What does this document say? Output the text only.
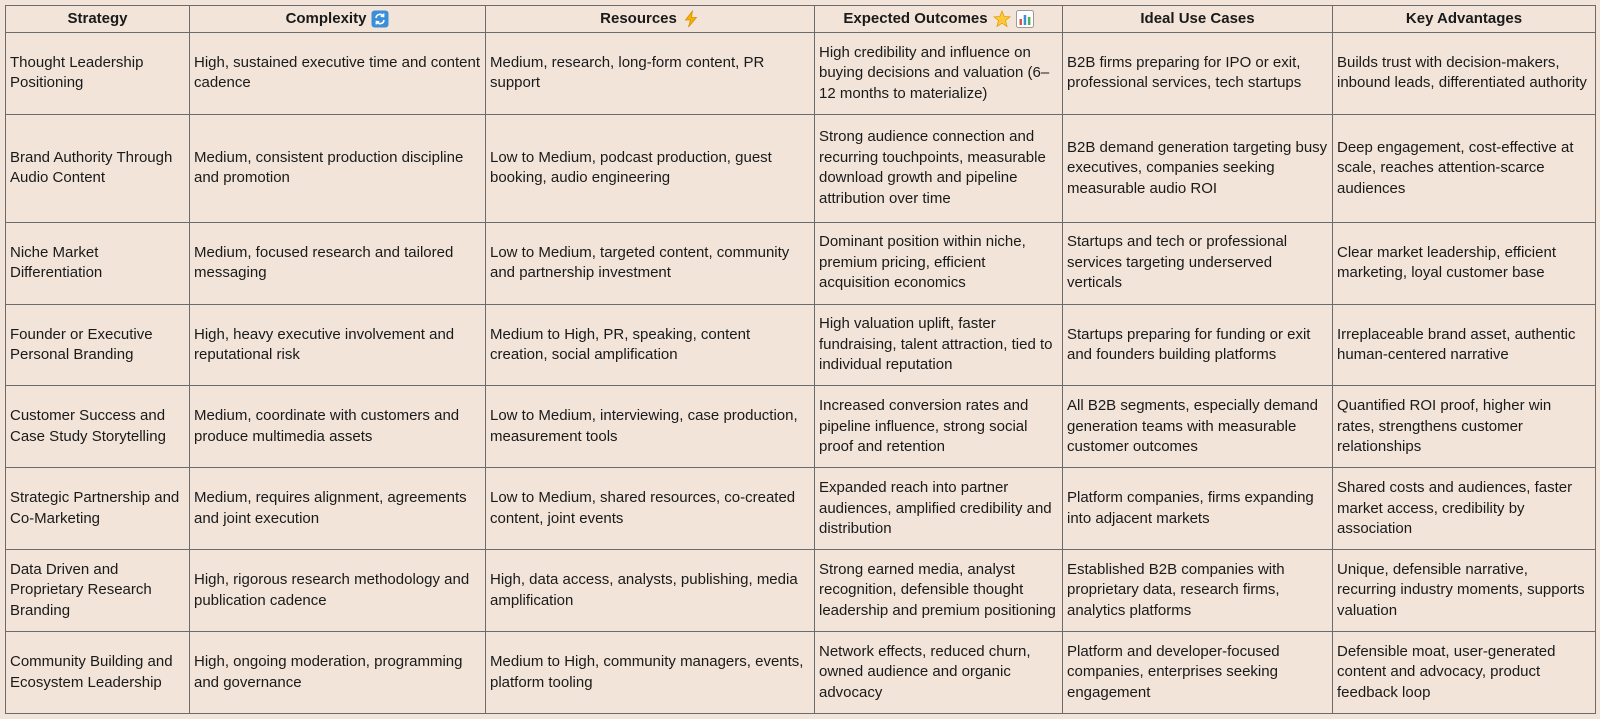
Strategy	Complexity	Resources	Expected Outcomes	Ideal Use Cases	Key Advantages
Thought Leadership Positioning	High, sustained executive time and content cadence	Medium, research, long-form content, PR support	High credibility and influence on buying decisions and valuation (6–12 months to materialize)	B2B firms preparing for IPO or exit, professional services, tech startups	Builds trust with decision-makers, inbound leads, differentiated authority
Brand Authority Through Audio Content	Medium, consistent production discipline and promotion	Low to Medium, podcast production, guest booking, audio engineering	Strong audience connection and recurring touchpoints, measurable download growth and pipeline attribution over time	B2B demand generation targeting busy executives, companies seeking measurable audio ROI	Deep engagement, cost-effective at scale, reaches attention-scarce audiences
Niche Market Differentiation	Medium, focused research and tailored messaging	Low to Medium, targeted content, community and partnership investment	Dominant position within niche, premium pricing, efficient acquisition economics	Startups and tech or professional services targeting underserved verticals	Clear market leadership, efficient marketing, loyal customer base
Founder or Executive Personal Branding	High, heavy executive involvement and reputational risk	Medium to High, PR, speaking, content creation, social amplification	High valuation uplift, faster fundraising, talent attraction, tied to individual reputation	Startups preparing for funding or exit and founders building platforms	Irreplaceable brand asset, authentic human-centered narrative
Customer Success and Case Study Storytelling	Medium, coordinate with customers and produce multimedia assets	Low to Medium, interviewing, case production, measurement tools	Increased conversion rates and pipeline influence, strong social proof and retention	All B2B segments, especially demand generation teams with measurable customer outcomes	Quantified ROI proof, higher win rates, strengthens customer relationships
Strategic Partnership and Co-Marketing	Medium, requires alignment, agreements and joint execution	Low to Medium, shared resources, co-created content, joint events	Expanded reach into partner audiences, amplified credibility and distribution	Platform companies, firms expanding into adjacent markets	Shared costs and audiences, faster market access, credibility by association
Data Driven and Proprietary Research Branding	High, rigorous research methodology and publication cadence	High, data access, analysts, publishing, media amplification	Strong earned media, analyst recognition, defensible thought leadership and premium positioning	Established B2B companies with proprietary data, research firms, analytics platforms	Unique, defensible narrative, recurring industry moments, supports valuation
Community Building and Ecosystem Leadership	High, ongoing moderation, programming and governance	Medium to High, community managers, events, platform tooling	Network effects, reduced churn, owned audience and organic advocacy	Platform and developer-focused companies, enterprises seeking engagement	Defensible moat, user-generated content and advocacy, product feedback loop
